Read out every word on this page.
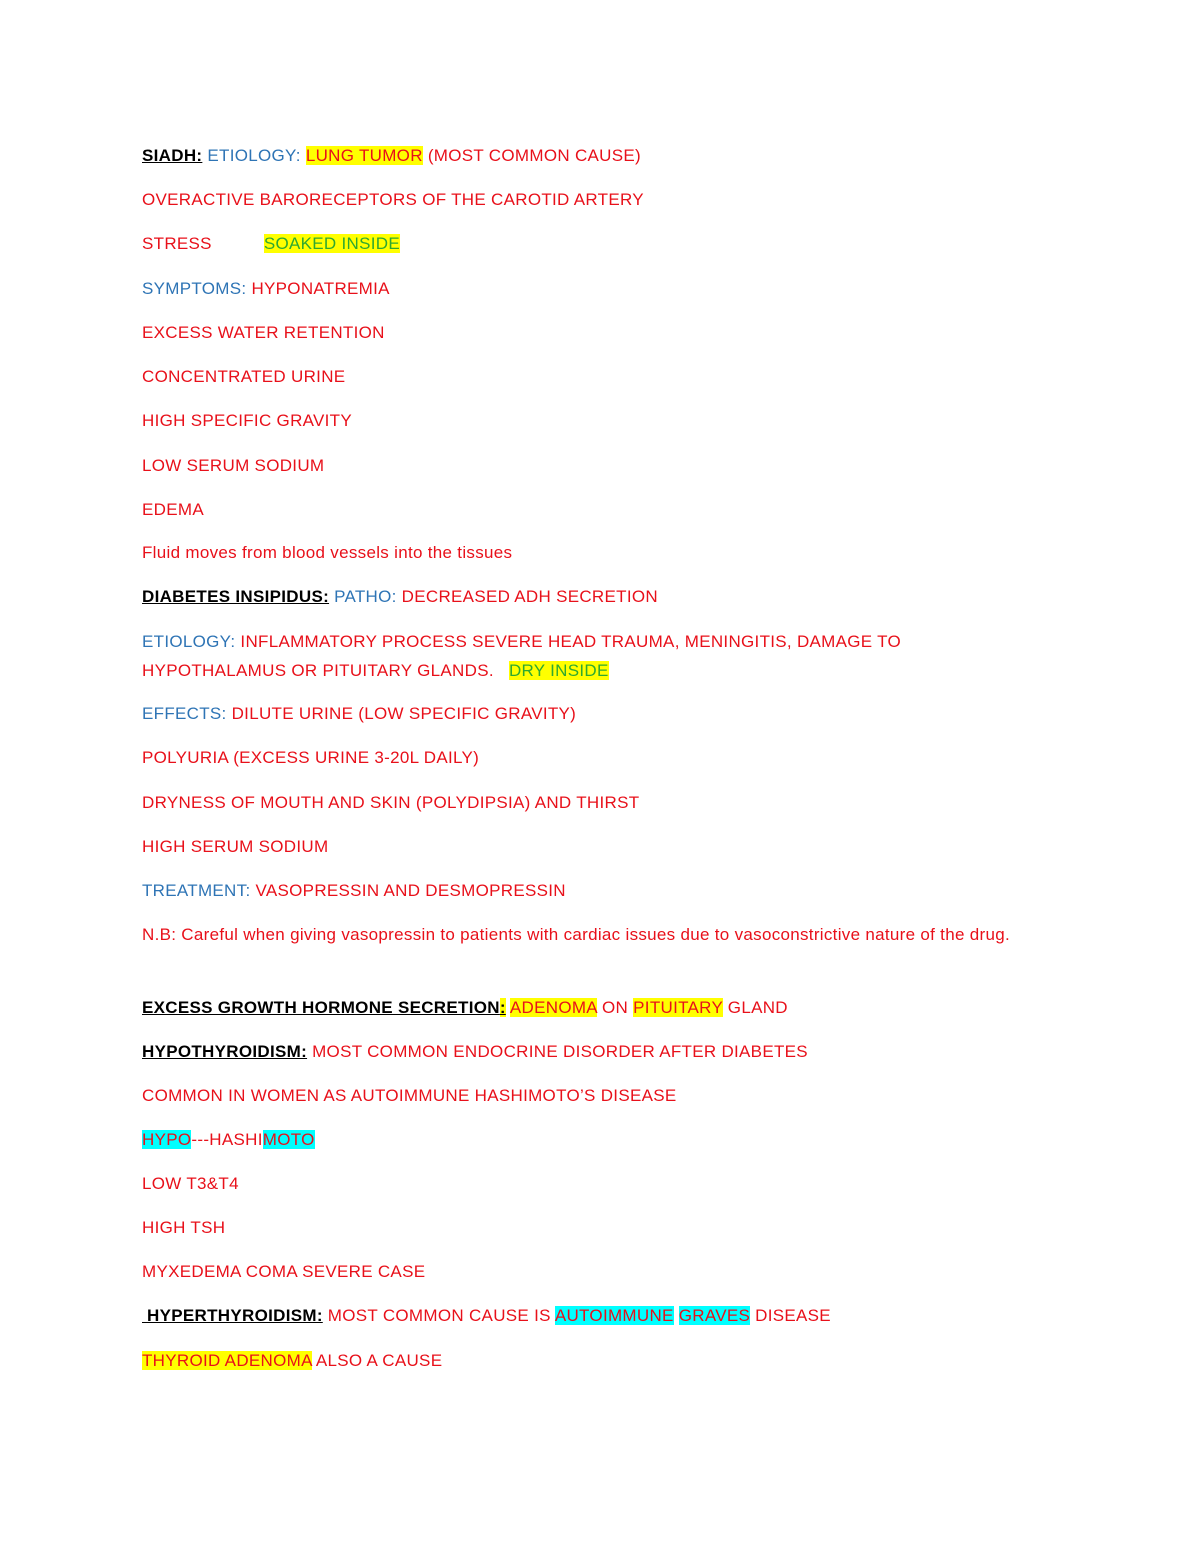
SIADH: ETIOLOGY: LUNG TUMOR (MOST COMMON CAUSE)
OVERACTIVE BARORECEPTORS OF THE CAROTID ARTERY
STRESS	SOAKED INSIDE
SYMPTOMS: HYPONATREMIA
EXCESS WATER RETENTION
CONCENTRATED URINE
HIGH SPECIFIC GRAVITY
LOW SERUM SODIUM
EDEMA
Fluid moves from blood vessels into the tissues
DIABETES INSIPIDUS: PATHO: DECREASED ADH SECRETION
ETIOLOGY: INFLAMMATORY PROCESS SEVERE HEAD TRAUMA, MENINGITIS, DAMAGE TO
HYPOTHALAMUS OR PITUITARY GLANDS.   DRY INSIDE
EFFECTS: DILUTE URINE (LOW SPECIFIC GRAVITY)
POLYURIA (EXCESS URINE 3-20L DAILY)
DRYNESS OF MOUTH AND SKIN (POLYDIPSIA) AND THIRST
HIGH SERUM SODIUM
TREATMENT: VASOPRESSIN AND DESMOPRESSIN
N.B: Careful when giving vasopressin to patients with cardiac issues due to vasoconstrictive nature of the drug.
EXCESS GROWTH HORMONE SECRETION: ADENOMA ON PITUITARY GLAND
HYPOTHYROIDISM: MOST COMMON ENDOCRINE DISORDER AFTER DIABETES
COMMON IN WOMEN AS AUTOIMMUNE HASHIMOTO’S DISEASE
HYPO---HASHIMOTO
LOW T3&T4
HIGH TSH
MYXEDEMA COMA SEVERE CASE
HYPERTHYROIDISM: MOST COMMON CAUSE IS AUTOIMMUNE GRAVES DISEASE
THYROID ADENOMA ALSO A CAUSE
